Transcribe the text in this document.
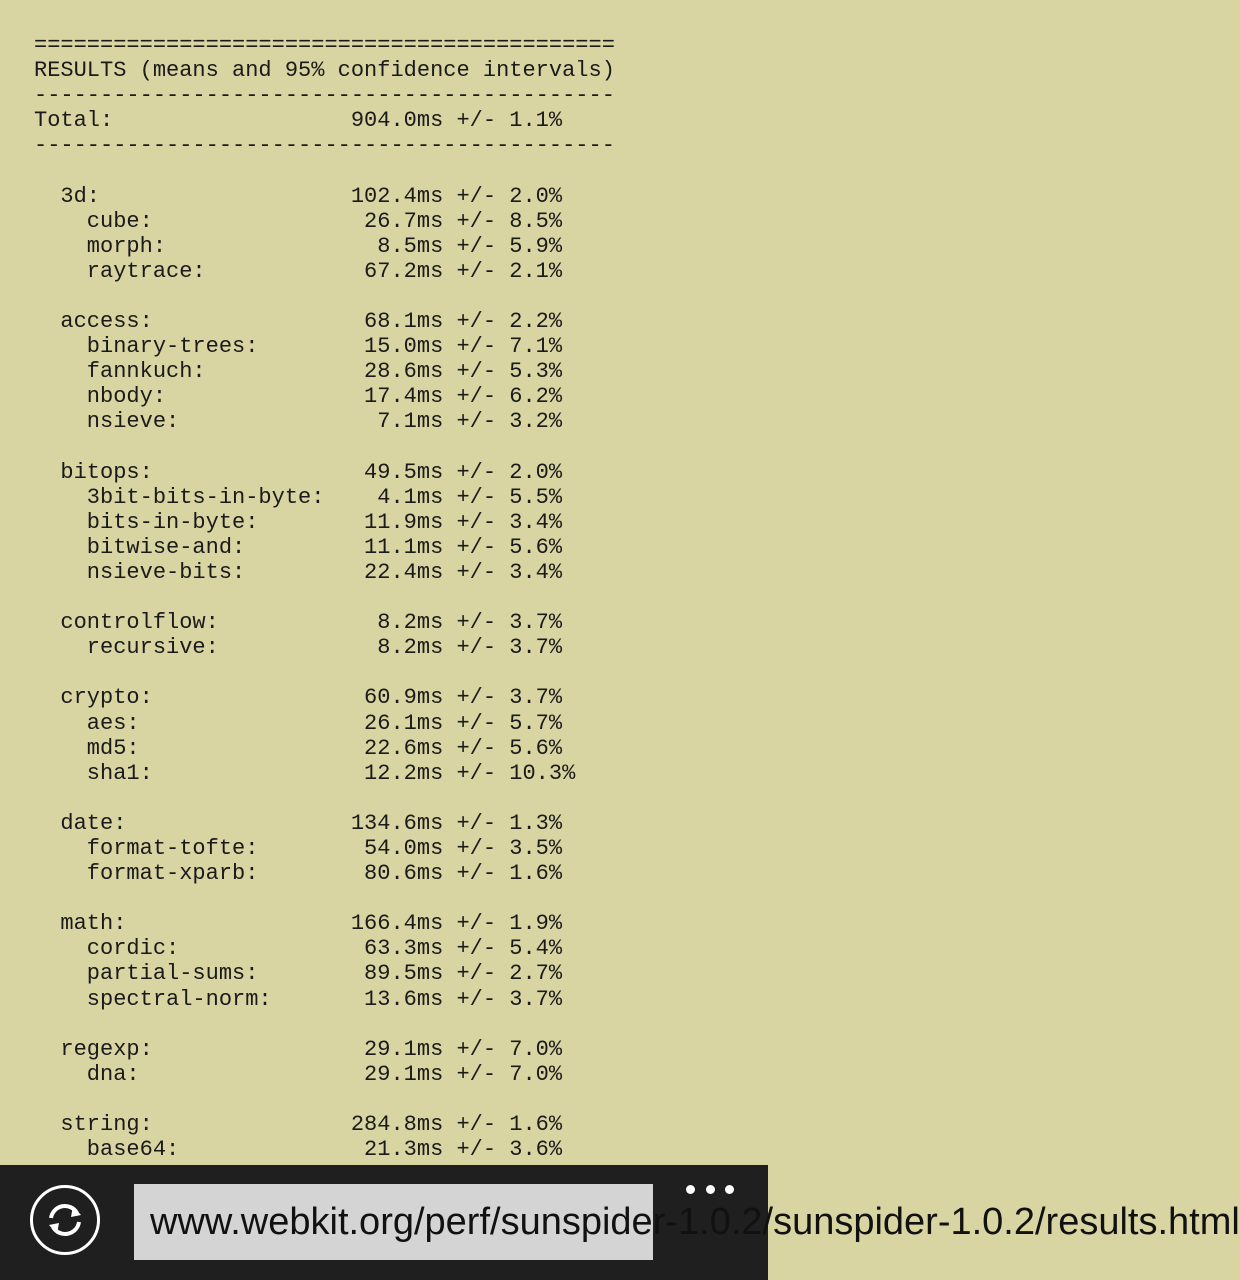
============================================
RESULTS (means and 95% confidence intervals)
--------------------------------------------
Total:                  904.0ms +/- 1.1%
--------------------------------------------
3d:                   102.4ms +/- 2.0%
cube:                26.7ms +/- 8.5%
morph:                8.5ms +/- 5.9%
raytrace:            67.2ms +/- 2.1%
access:                68.1ms +/- 2.2%
binary-trees:        15.0ms +/- 7.1%
fannkuch:            28.6ms +/- 5.3%
nbody:               17.4ms +/- 6.2%
nsieve:               7.1ms +/- 3.2%
bitops:                49.5ms +/- 2.0%
3bit-bits-in-byte:    4.1ms +/- 5.5%
bits-in-byte:        11.9ms +/- 3.4%
bitwise-and:         11.1ms +/- 5.6%
nsieve-bits:         22.4ms +/- 3.4%
controlflow:            8.2ms +/- 3.7%
recursive:            8.2ms +/- 3.7%
crypto:                60.9ms +/- 3.7%
aes:                 26.1ms +/- 5.7%
md5:                 22.6ms +/- 5.6%
sha1:                12.2ms +/- 10.3%
date:                 134.6ms +/- 1.3%
format-tofte:        54.0ms +/- 3.5%
format-xparb:        80.6ms +/- 1.6%
math:                 166.4ms +/- 1.9%
cordic:              63.3ms +/- 5.4%
partial-sums:        89.5ms +/- 2.7%
spectral-norm:       13.6ms +/- 3.7%
regexp:                29.1ms +/- 7.0%
dna:                 29.1ms +/- 7.0%
string:               284.8ms +/- 1.6%
base64:              21.3ms +/- 3.6%
www.webkit.org/perf/sunspider-1.0.2/sunspider-1.0.2/results.html
